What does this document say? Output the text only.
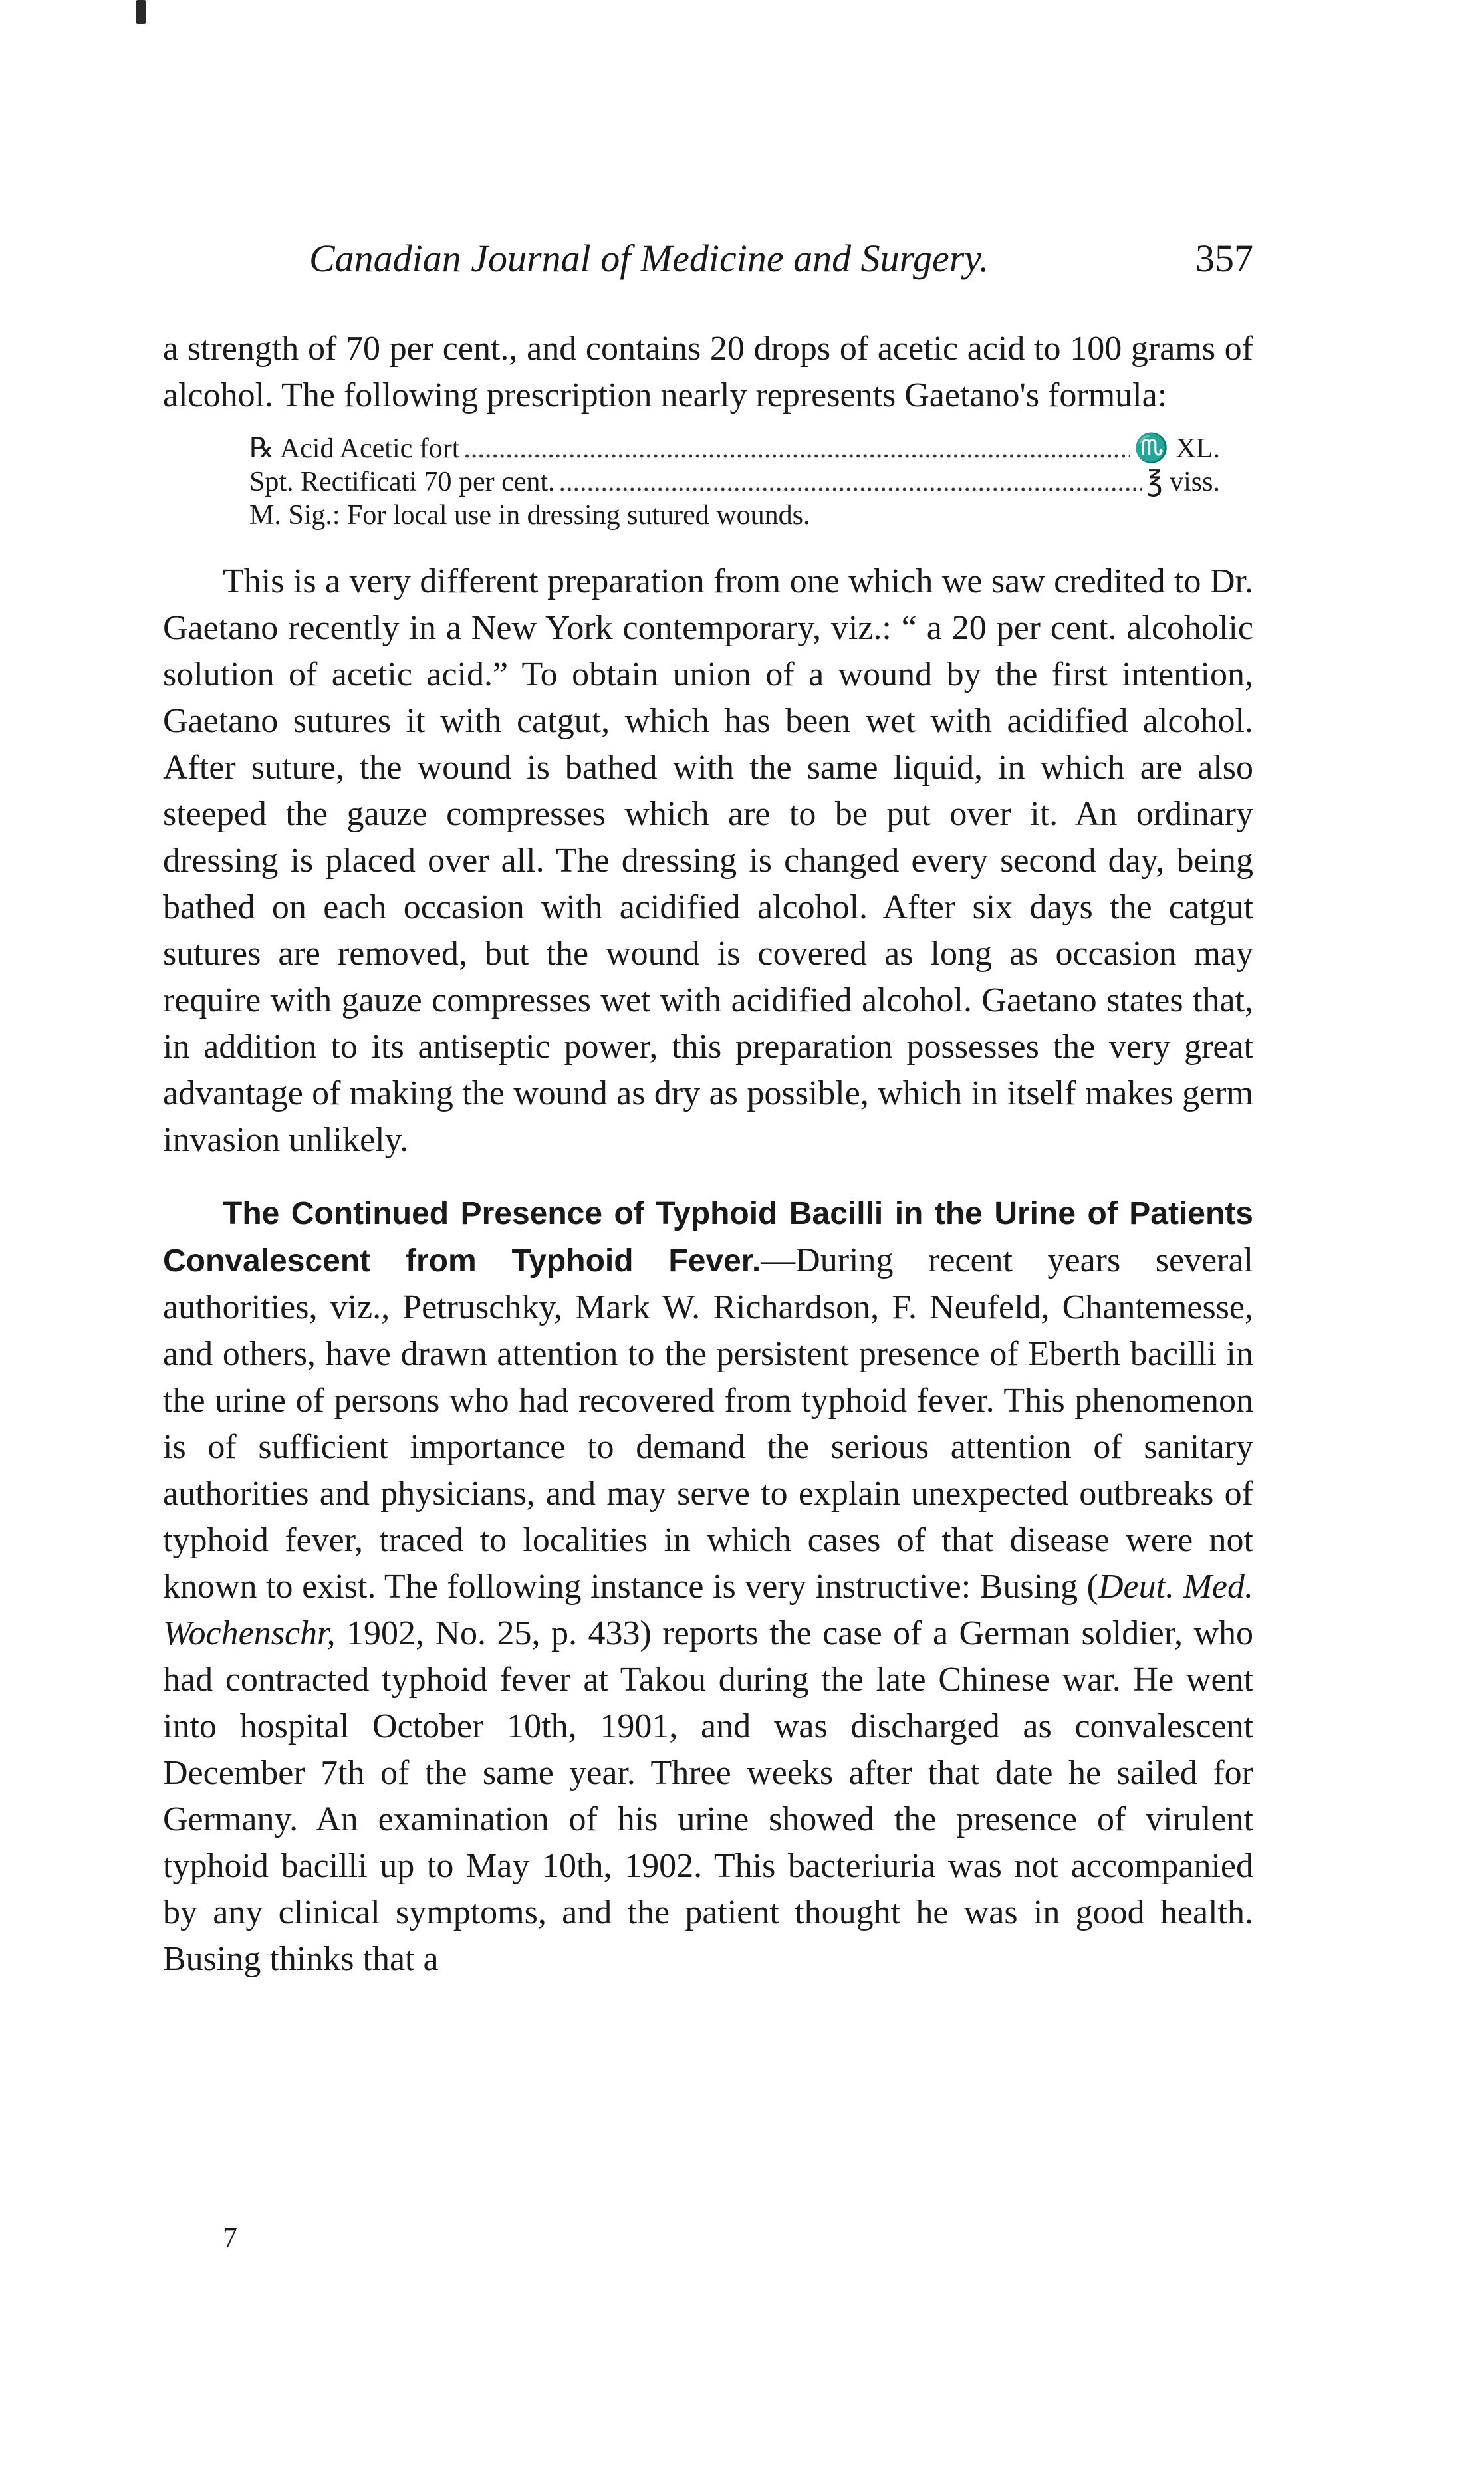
Canadian Journal of Medicine and Surgery.	357

a strength of 70 per cent., and contains 20 drops of acetic acid to 100 grams of alcohol. The following prescription nearly represents Gaetano's formula:

℞ Acid Acetic fort .....	♏ XL.
Spt. Rectificati 70 per cent. .....	℥ viss.
M. Sig.: For local use in dressing sutured wounds.

This is a very different preparation from one which we saw credited to Dr. Gaetano recently in a New York contemporary, viz.: “ a 20 per cent. alcoholic solution of acetic acid.” To obtain union of a wound by the first intention, Gaetano sutures it with catgut, which has been wet with acidified alcohol. After suture, the wound is bathed with the same liquid, in which are also steeped the gauze compresses which are to be put over it. An ordinary dressing is placed over all. The dressing is changed every second day, being bathed on each occasion with acidified alcohol. After six days the catgut sutures are removed, but the wound is covered as long as occasion may require with gauze compresses wet with acidified alcohol. Gaetano states that, in addition to its antiseptic power, this preparation possesses the very great advantage of making the wound as dry as possible, which in itself makes germ invasion unlikely.

The Continued Presence of Typhoid Bacilli in the Urine of Patients Convalescent from Typhoid Fever.—During recent years several authorities, viz., Petruschky, Mark W. Richardson, F. Neufeld, Chantemesse, and others, have drawn attention to the persistent presence of Eberth bacilli in the urine of persons who had recovered from typhoid fever. This phenomenon is of sufficient importance to demand the serious attention of sanitary authorities and physicians, and may serve to explain unexpected outbreaks of typhoid fever, traced to localities in which cases of that disease were not known to exist. The following instance is very instructive: Busing (Deut. Med. Wochenschr, 1902, No. 25, p. 433) reports the case of a German soldier, who had contracted typhoid fever at Takou during the late Chinese war. He went into hospital October 10th, 1901, and was discharged as convalescent December 7th of the same year. Three weeks after that date he sailed for Germany. An examination of his urine showed the presence of virulent typhoid bacilli up to May 10th, 1902. This bacteriuria was not accompanied by any clinical symptoms, and the patient thought he was in good health. Busing thinks that a

7
